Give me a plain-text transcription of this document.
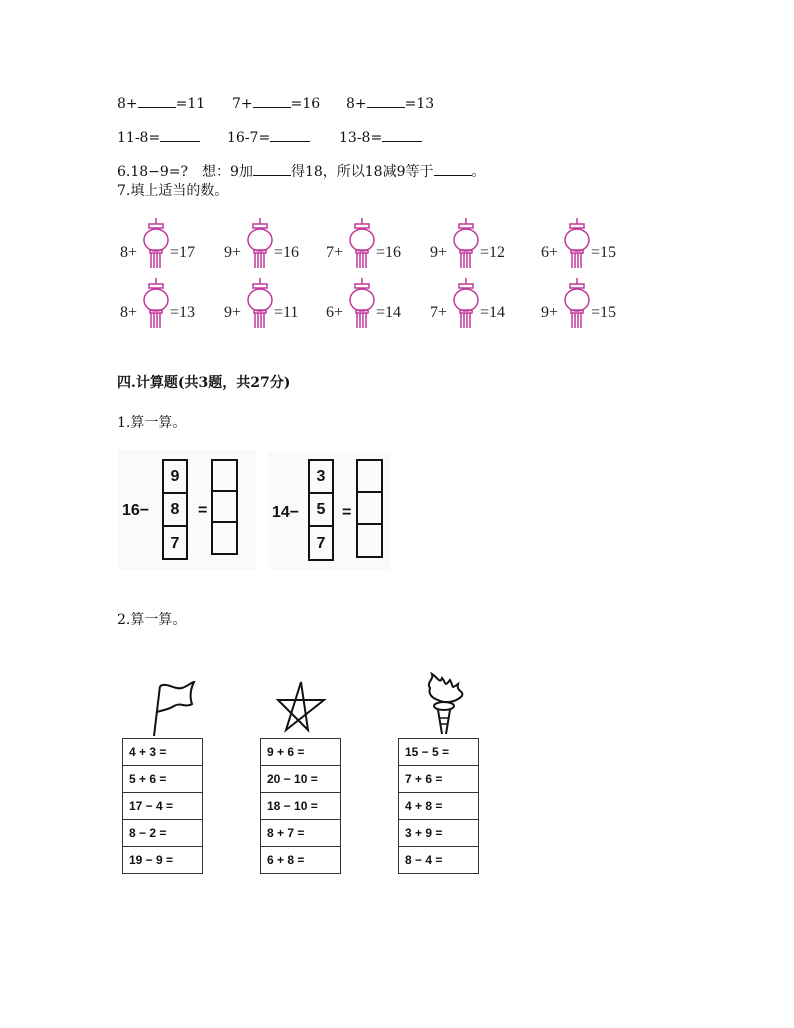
8+	=11 7+	=16 8+	=13
11-8=	16-7=	13-8=
6.18−9=?　想：9加	得18，所以18减9等于	。
7.填上适当的数。
8+ =17 9+ =16 7+ =16 9+ =12 6+ =15
8+ =13 9+ =11 6+ =14 7+ =14 9+ =15
四.计算题(共3题，共27分)
1.算一算。
16−
9
8
7
=	14−
3
5
7
=
2.算一算。
4 + 3 =
5 + 6 =
17 − 4 =
8 − 2 =
19 − 9 =
9 + 6 =
20 − 10 =
18 − 10 =
8 + 7 =
6 + 8 =
15 − 5 =
7 + 6 =
4 + 8 =
3 + 9 =
8 − 4 =
